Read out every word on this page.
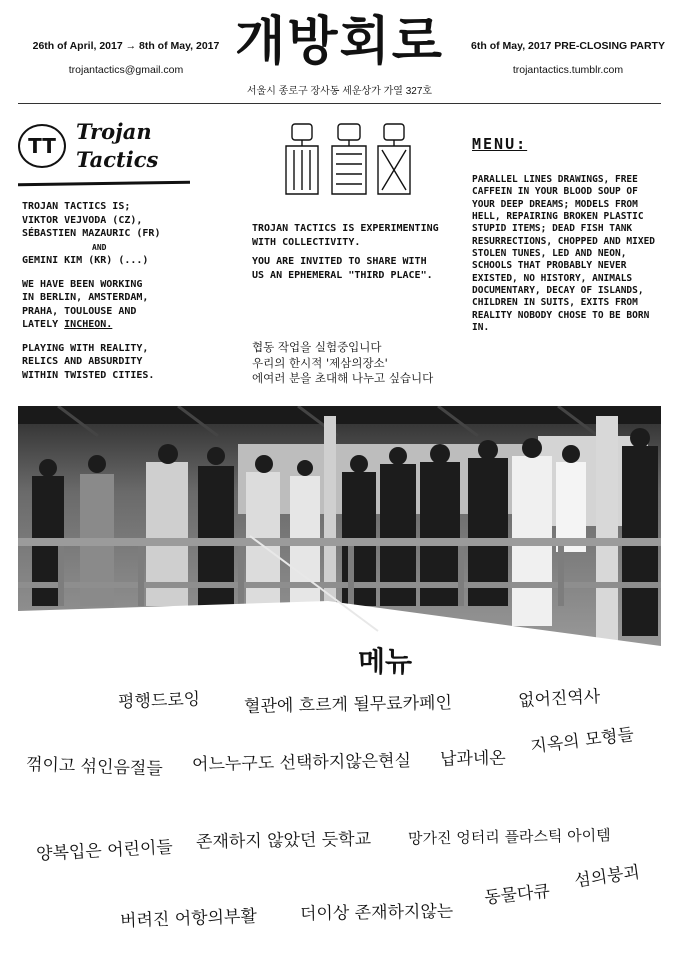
26th of April, 2017 → 8th of May, 2017
trojantactics@gmail.com 개방회로
서울시 종로구 장사동 세운상가 가열 327호
6th of May, 2017 PRE-CLOSING PARTY
trojantactics.tumblr.com
TT
Trojan
Tactics

TROJAN TACTICS IS;
VIKTOR VEJVODA (CZ),
SÉBASTIEN MAZAURIC (FR)
AND
GEMINI KIM (KR) (...)

WE HAVE BEEN WORKING
IN BERLIN, AMSTERDAM,
PRAHA, TOULOUSE AND
LATELY INCHEON.

PLAYING WITH REALITY,
RELICS AND ABSURDITY
WITHIN TWISTED CITIES.

TROJAN TACTICS IS EXPERIMENTING WITH COLLECTIVITY.

YOU ARE INVITED TO SHARE WITH US AN EPHEMERAL "THIRD PLACE".

협동 작업을 실험중입니다
우리의 한시적 '제삼의장소'
에여러 분을 초대해 나누고 싶습니다
MENU:
PARALLEL LINES DRAWINGS, FREE CAFFEIN IN YOUR BLOOD SOUP OF YOUR DEEP DREAMS; MODELS FROM HELL, REPAIRING BROKEN PLASTIC STUPID ITEMS; DEAD FISH TANK RESURRECTIONS, CHOPPED AND MIXED STOLEN TUNES, LED AND NEON, SCHOOLS THAT PROBABLY NEVER EXISTED, NO HISTORY, ANIMALS DOCUMENTARY, DECAY OF ISLANDS, CHILDREN IN SUITS, EXITS FROM REALITY NOBODY CHOSE TO BE BORN IN.
메뉴
평행드로잉	혈관에 흐르게 될무료카페인	없어진역사
꺾이고 섞인음절들 어느누구도 선택하지않은현실 납과네온
지옥의 모형들
양복입은 어린이들 존재하지 않았던 듯학교 망가진 엉터리 플라스틱 아이템
버려진 어항의부활	더이상 존재하지않는
동물다큐
섬의붕괴
